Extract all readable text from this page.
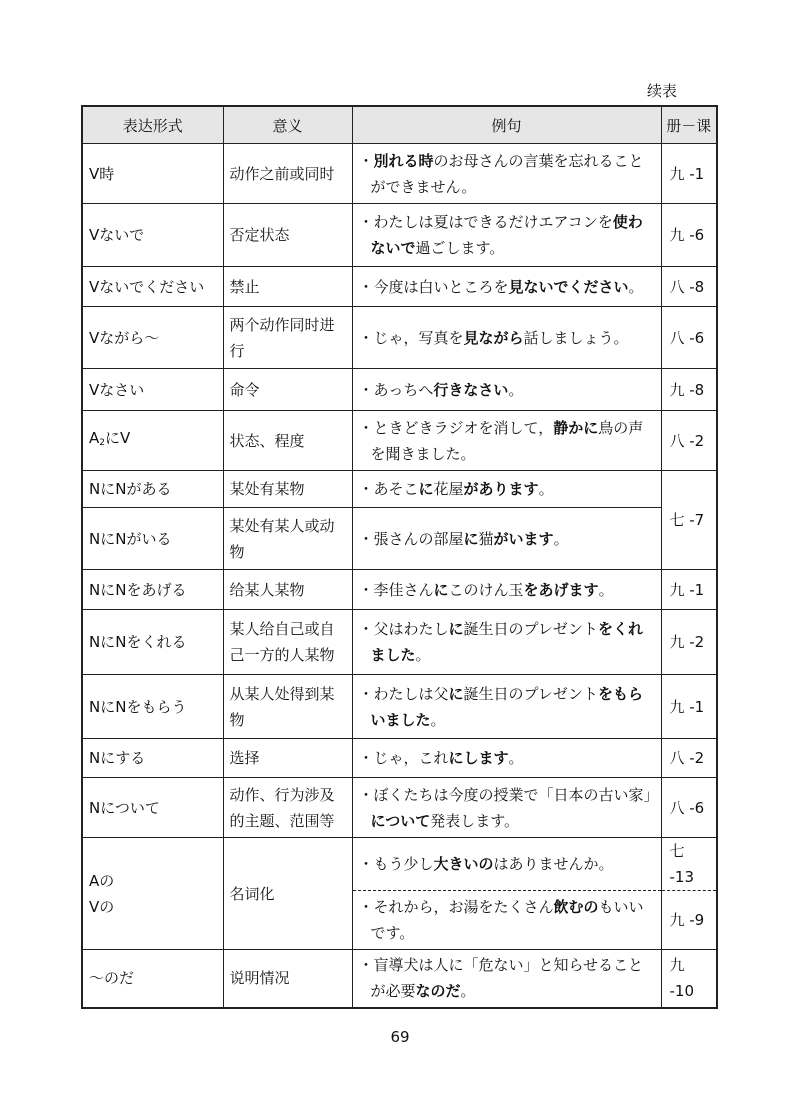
续表
表达形式	意义	例句	册－课
V時	动作之前或同时	・別れる時のお母さんの言葉を忘れることができません。	九 -1
Vないで	否定状态	・わたしは夏はできるだけエアコンを使わないで過ごします。	九 -6
Vないでください	禁止	・今度は白いところを見ないでください。	八 -8
Vながら～	两个动作同时进行	・じゃ，写真を見ながら話しましょう。	八 -6
Vなさい	命令	・あっちへ行きなさい。	九 -8
$A_2$にV	状态、程度	・ときどきラジオを消して，静かに鳥の声を聞きました。	八 -2
NにNがある	某处有某物	・あそこに花屋があります。	七 -7
NにNがいる	某处有某人或动物	・張さんの部屋に猫がいます。	
NにNをあげる	给某人某物	・李佳さんにこのけん玉をあげます。	九 -1
NにNをくれる	某人给自己或自己一方的人某物	・父はわたしに誕生日のプレゼントをくれました。	九 -2
NにNをもらう	从某人处得到某物	・わたしは父に誕生日のプレゼントをもらいました。	九 -1
Nにする	选择	・じゃ，これにします。	八 -2
Nについて	动作、行为涉及的主题、范围等	・ぼくたちは今度の授業で「日本の古い家」について発表します。	八 -6

Aの
Vの	名词化	・もう少し大きいのはありませんか。	七 -13
		・それから，お湯をたくさん飲むのもいいです。	九 -9
～のだ	说明情况	・盲導犬は人に「危ない」と知らせることが必要なのだ。	九 -10
69
